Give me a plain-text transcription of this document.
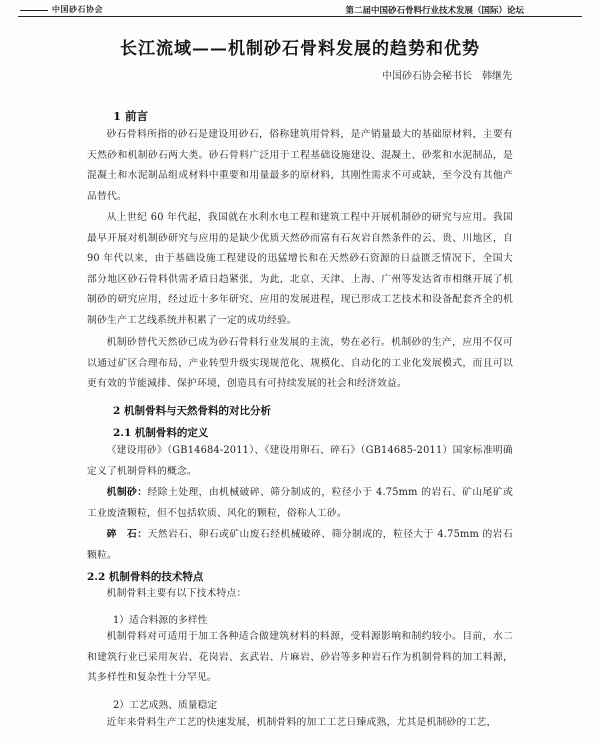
中国砂石协会	第二届中国砂石骨料行业技术发展（国际）论坛
长江流域——机制砂石骨料发展的趋势和优势
中国砂石协会秘书长　韩继先
1 前言

砂石骨料所指的砂石是建设用砂石，俗称建筑用骨料，是产销量最大的基础原材料，主要有天然砂和机制砂石两大类。砂石骨料广泛用于工程基础设施建设、混凝土、砂浆和水泥制品，是混凝土和水泥制品组成材料中重要和用量最多的原材料，其刚性需求不可或缺，至今没有其他产品替代。

从上世纪 60 年代起，我国就在水利水电工程和建筑工程中开展机制砂的研究与应用。我国最早开展对机制砂研究与应用的是缺少优质天然砂而富有石灰岩自然条件的云、贵、川地区，自 90 年代以来，由于基础设施工程建设的迅猛增长和在天然砂石资源的日益匮乏情况下，全国大部分地区砂石骨料供需矛盾日趋紧张，为此，北京、天津、上海、广州等发达省市相继开展了机制砂的研究应用，经过近十多年研究、应用的发展进程，现已形成工艺技术和设备配套齐全的机制砂生产工艺线系统并积累了一定的成功经验。

机制砂替代天然砂已成为砂石骨料行业发展的主流，势在必行。机制砂的生产，应用不仅可以通过矿区合理布局，产业转型升级实现规范化、规模化、自动化的工业化发展模式，而且可以更有效的节能減排、保护环境，创造具有可持续发展的社会和经济效益。

2 机制骨料与天然骨料的对比分析
2.1 机制骨料的定义

《建设用砂》（GB14684-2011）、《建设用卵石、碎石》（GB14685-2011）国家标准明确定义了机制骨料的概念。

机制砂：经除土处理，由机械破碎、筛分制成的，粒径小于 4.75mm 的岩石、矿山尾矿或工业废渣颗粒，但不包括软质、风化的颗粒，俗称人工砂。

碎　石：天然岩石、卵石或矿山废石经机械破碎、筛分制成的，粒径大于 4.75mm 的岩石颗粒。

2.2 机制骨料的技术特点

机制骨料主要有以下技术特点：

1）适合料源的多样性

机制骨料对可适用于加工各种适合做建筑材料的料源，受料源影响和制约较小。目前，水二和建筑行业已采用灰岩、花岗岩、玄武岩、片麻岩、砂岩等多种岩石作为机制骨料的加工料源，其多样性和复杂性十分罕见。

2）工艺成熟、质量稳定

近年来骨料生产工艺的快速发展，机制骨料的加工工艺日臻成熟，尤其是机制砂的工艺，
